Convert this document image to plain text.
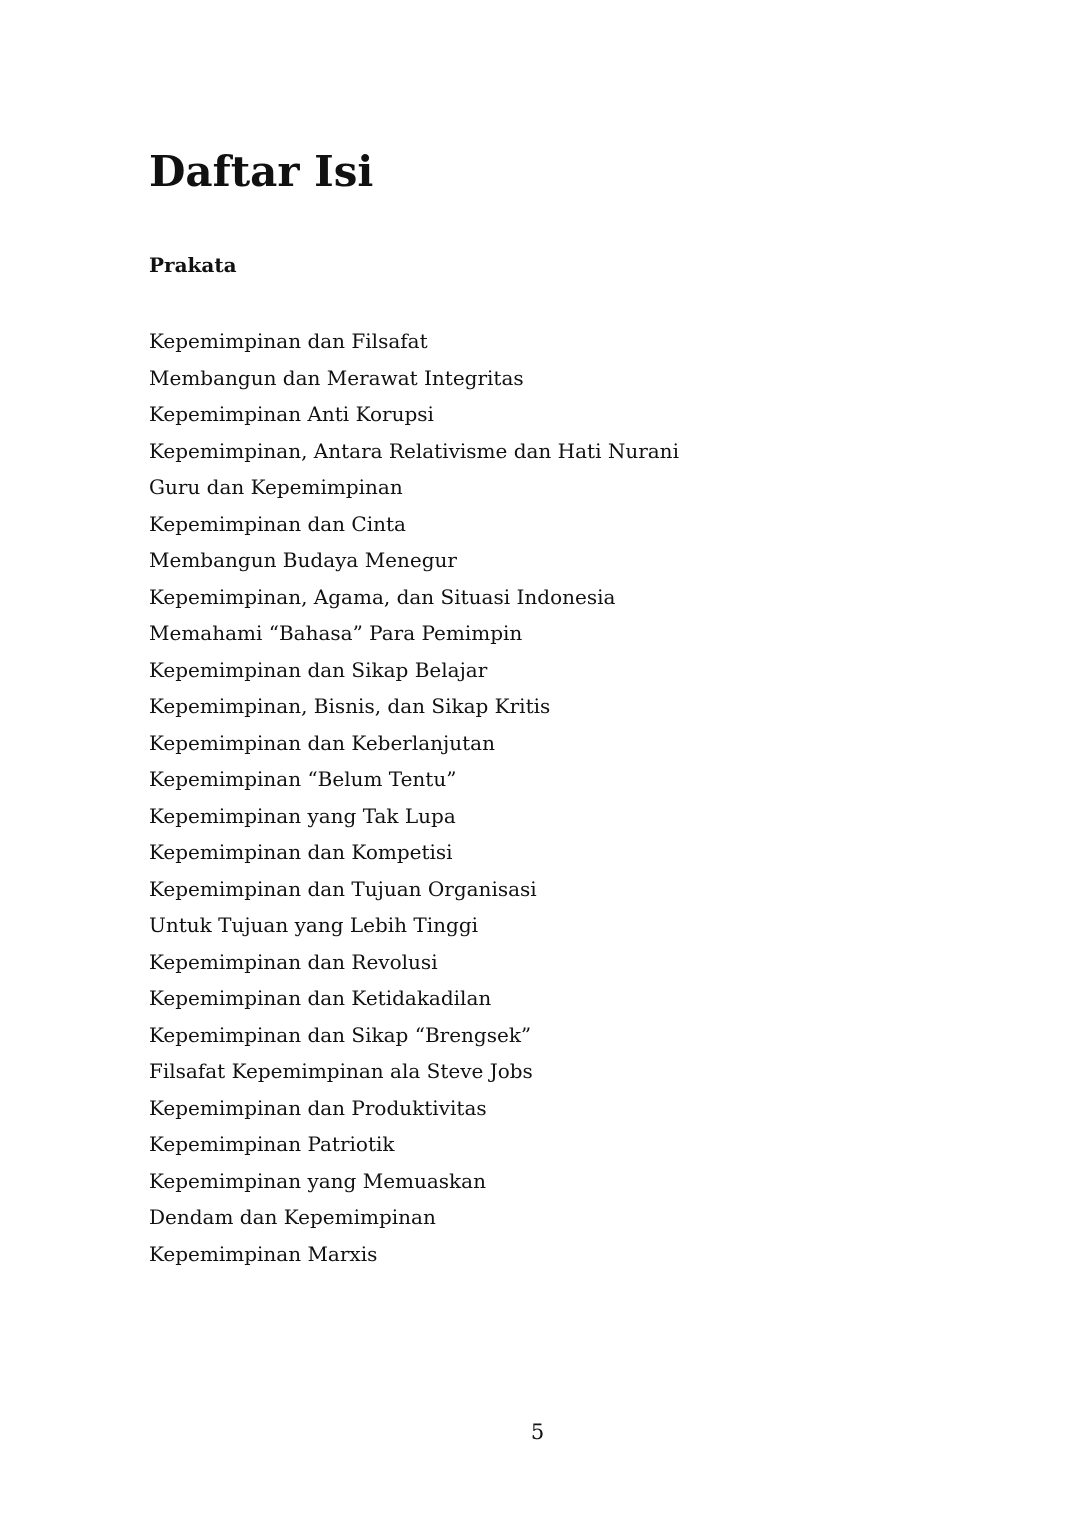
Daftar Isi
Prakata
Kepemimpinan dan Filsafat
Membangun dan Merawat Integritas
Kepemimpinan Anti Korupsi
Kepemimpinan, Antara Relativisme dan Hati Nurani
Guru dan Kepemimpinan
Kepemimpinan dan Cinta
Membangun Budaya Menegur
Kepemimpinan, Agama, dan Situasi Indonesia
Memahami “Bahasa” Para Pemimpin
Kepemimpinan dan Sikap Belajar
Kepemimpinan, Bisnis, dan Sikap Kritis
Kepemimpinan dan Keberlanjutan
Kepemimpinan “Belum Tentu”
Kepemimpinan yang Tak Lupa
Kepemimpinan dan Kompetisi
Kepemimpinan dan Tujuan Organisasi
Untuk Tujuan yang Lebih Tinggi
Kepemimpinan dan Revolusi
Kepemimpinan dan Ketidakadilan
Kepemimpinan dan Sikap “Brengsek”
Filsafat Kepemimpinan ala Steve Jobs
Kepemimpinan dan Produktivitas
Kepemimpinan Patriotik
Kepemimpinan yang Memuaskan
Dendam dan Kepemimpinan
Kepemimpinan Marxis
5
